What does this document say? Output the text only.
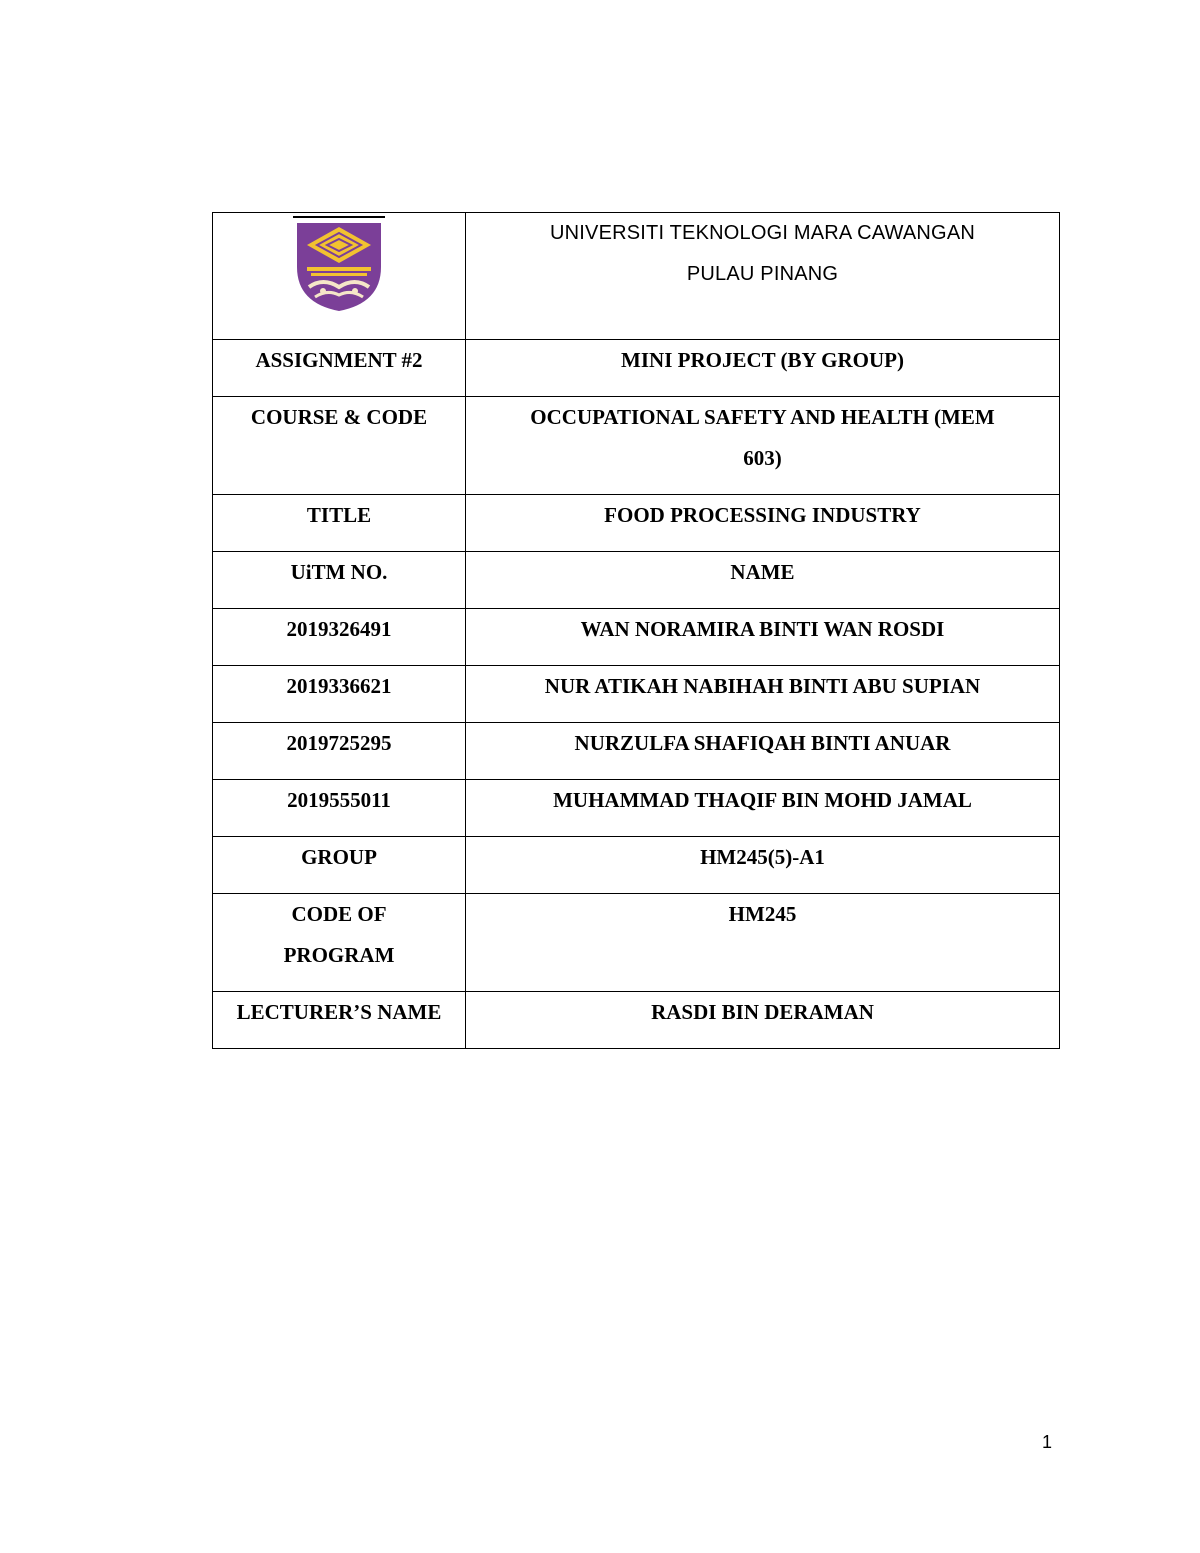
UNIVERSITI TEKNOLOGI MARA CAWANGAN
PULAU PINANG

ASSIGNMENT #2	MINI PROJECT (BY GROUP)
COURSE & CODE	OCCUPATIONAL SAFETY AND HEALTH (MEM
603)

TITLE	FOOD PROCESSING INDUSTRY
UiTM NO.	NAME
2019326491	WAN NORAMIRA BINTI WAN ROSDI
2019336621	NUR ATIKAH NABIHAH BINTI ABU SUPIAN
2019725295	NURZULFA SHAFIQAH BINTI ANUAR
2019555011	MUHAMMAD THAQIF BIN MOHD JAMAL
GROUP	HM245(5)-A1

CODE OF
PROGRAM	HM245
LECTURER’S NAME	RASDI BIN DERAMAN
1
